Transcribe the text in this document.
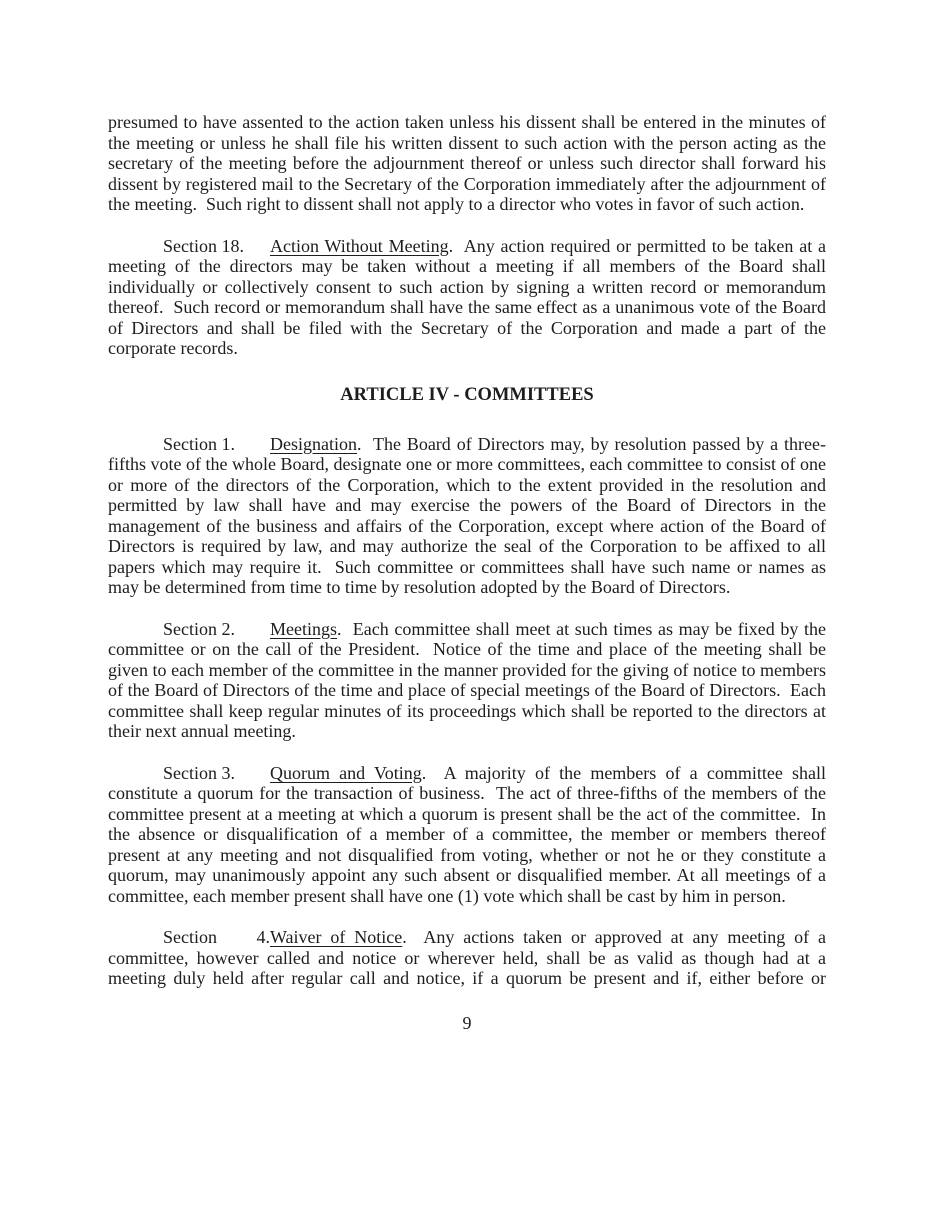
presumed to have assented to the action taken unless his dissent shall be entered in the minutes of the meeting or unless he shall file his written dissent to such action with the person acting as the secretary of the meeting before the adjournment thereof or unless such director shall forward his dissent by registered mail to the Secretary of the Corporation immediately after the adjournment of the meeting.  Such right to dissent shall not apply to a director who votes in favor of such action.

Section 18. Action Without Meeting.  Any action required or permitted to be taken at a meeting of the directors may be taken without a meeting if all members of the Board shall individually or collectively consent to such action by signing a written record or memorandum thereof.  Such record or memorandum shall have the same effect as a unanimous vote of the Board of Directors and shall be filed with the Secretary of the Corporation and made a part of the corporate records.

ARTICLE IV - COMMITTEES

Section 1. Designation.  The Board of Directors may, by resolution passed by a three-fifths vote of the whole Board, designate one or more committees, each committee to consist of one or more of the directors of the Corporation, which to the extent provided in the resolution and permitted by law shall have and may exercise the powers of the Board of Directors in the management of the business and affairs of the Corporation, except where action of the Board of Directors is required by law, and may authorize the seal of the Corporation to be affixed to all papers which may require it.  Such committee or committees shall have such name or names as may be determined from time to time by resolution adopted by the Board of Directors.

Section 2. Meetings.  Each committee shall meet at such times as may be fixed by the committee or on the call of the President.  Notice of the time and place of the meeting shall be given to each member of the committee in the manner provided for the giving of notice to members of the Board of Directors of the time and place of special meetings of the Board of Directors.  Each committee shall keep regular minutes of its proceedings which shall be reported to the directors at their next annual meeting.

Section 3. Quorum and Voting.  A majority of the members of a committee shall constitute a quorum for the transaction of business.  The act of three-fifths of the members of the committee present at a meeting at which a quorum is present shall be the act of the committee.  In the absence or disqualification of a member of a committee, the member or members thereof present at any meeting and not disqualified from voting, whether or not he or they constitute a quorum, may unanimously appoint any such absent or disqualified member. At all meetings of a committee, each member present shall have one (1) vote which shall be cast by him in person.

Section 4.Waiver of Notice.  Any actions taken or approved at any meeting of a committee, however called and notice or wherever held, shall be as valid as though had at a meeting duly held after regular call and notice, if a quorum be present and if, either before or

9
